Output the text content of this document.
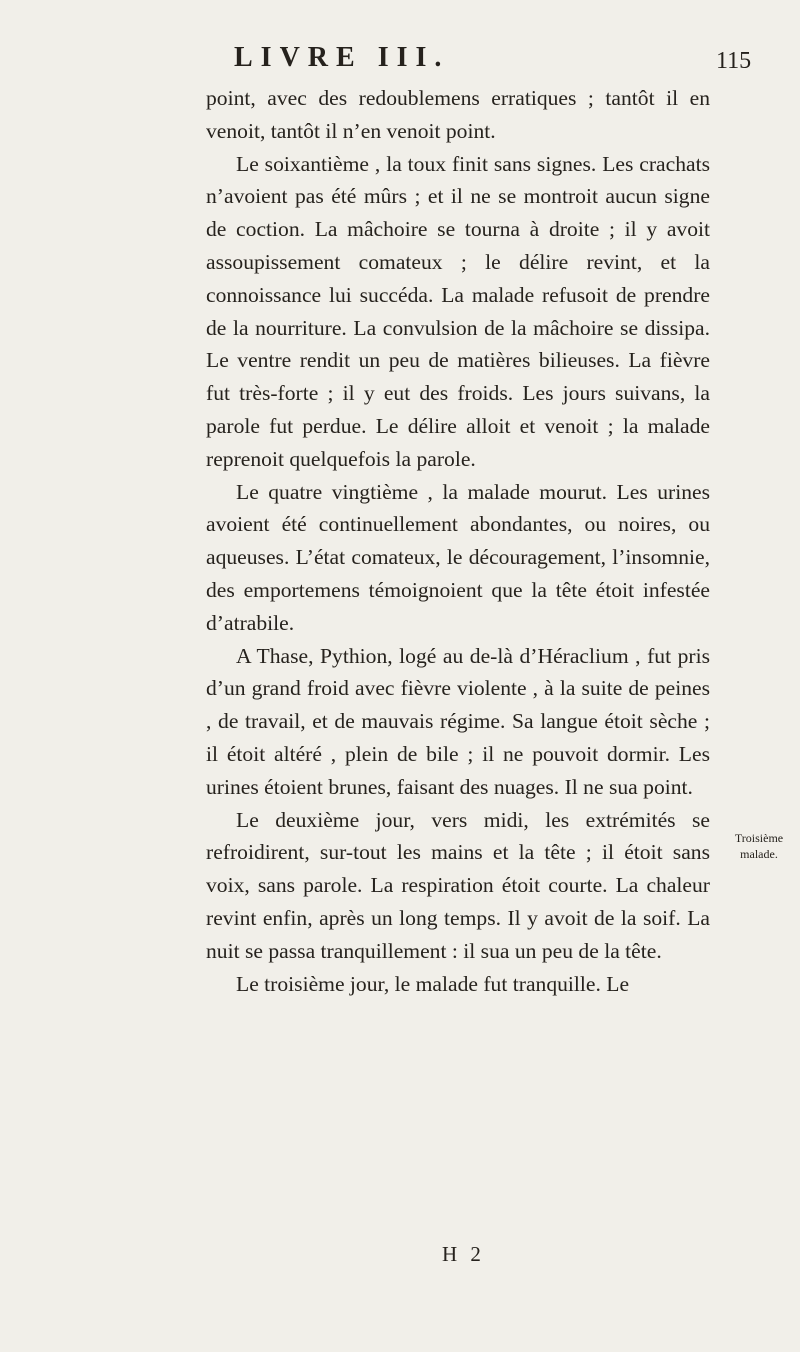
LIVRE III.	115

point, avec des redoublemens erratiques ; tantôt il en venoit, tantôt il n’en venoit point.

Le soixantième , la toux finit sans signes. Les crachats n’avoient pas été mûrs ; et il ne se montroit aucun signe de coction. La mâchoire se tourna à droite ; il y avoit assoupissement comateux ; le délire revint, et la connoissance lui succéda. La malade refusoit de prendre de la nourriture. La convulsion de la mâchoire se dissipa. Le ventre rendit un peu de matières bilieuses. La fièvre fut très-forte ; il y eut des froids. Les jours suivans, la parole fut perdue. Le délire alloit et venoit ; la malade reprenoit quelquefois la parole.

Le quatre vingtième , la malade mourut. Les urines avoient été continuellement abondantes, ou noires, ou aqueuses. L’état comateux, le découragement, l’insomnie, des emportemens témoignoient que la tête étoit infestée d’atrabile.

A Thase, Pythion, logé au de-là d’Héraclium , fut pris d’un grand froid avec fièvre violente , à la suite de peines , de travail, et de mauvais régime. Sa langue étoit sèche ; il étoit altéré , plein de bile ; il ne pouvoit dormir. Les urines étoient brunes, faisant des nuages. Il ne sua point.

Le deuxième jour, vers midi, les extrémités se refroidirent, sur-tout les mains et la tête ; il étoit sans voix, sans parole. La respiration étoit courte. La chaleur revint enfin, après un long temps. Il y avoit de la soif. La nuit se passa tranquillement : il sua un peu de la tête.

Le troisième jour, le malade fut tranquille. Le

Troisième
malade.
H 2
